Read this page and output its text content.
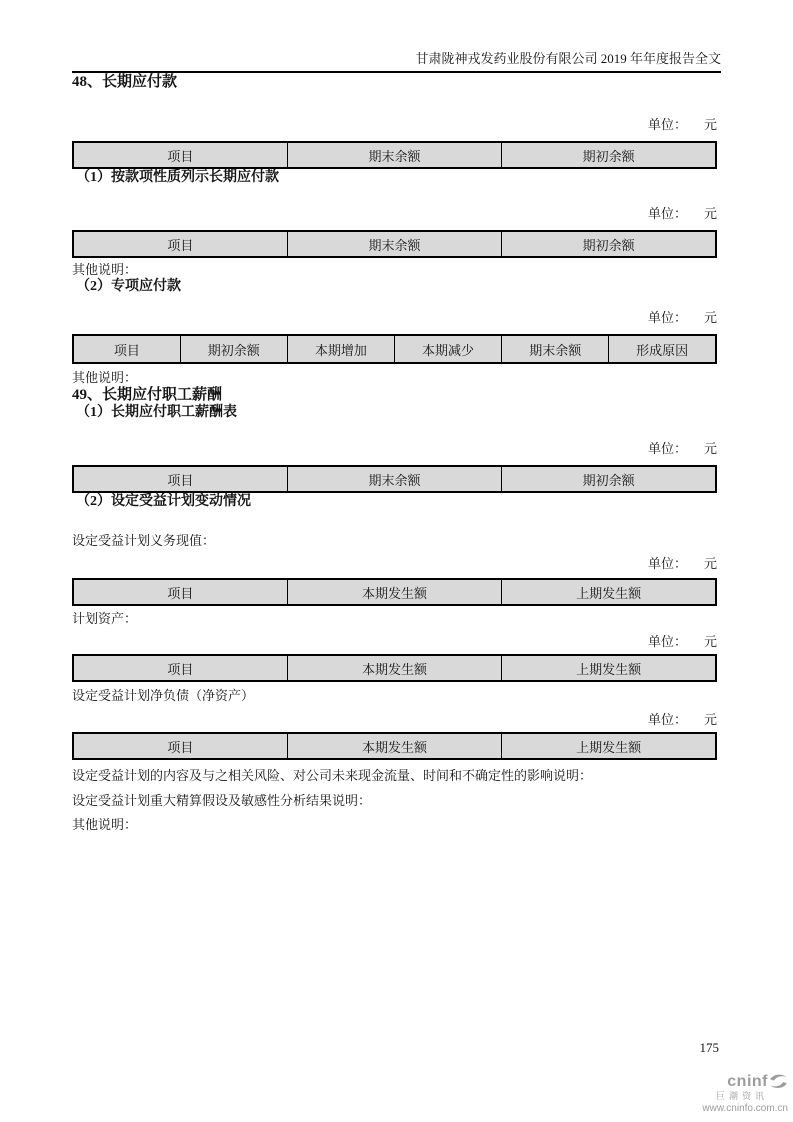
甘肃陇神戎发药业股份有限公司 2019 年年度报告全文
48、长期应付款
单位： 元
项目	期末余额	期初余额
（1）按款项性质列示长期应付款
单位： 元
项目	期末余额	期初余额
其他说明：
（2）专项应付款
单位： 元
项目	期初余额	本期增加	本期减少	期末余额	形成原因
其他说明：
49、长期应付职工薪酬
（1）长期应付职工薪酬表
单位： 元
项目	期末余额	期初余额
（2）设定受益计划变动情况
设定受益计划义务现值：
单位： 元
项目	本期发生额	上期发生额
计划资产：
单位： 元
项目	本期发生额	上期发生额
设定受益计划净负债（净资产）
单位： 元
项目	本期发生额	上期发生额
设定受益计划的内容及与之相关风险、对公司未来现金流量、时间和不确定性的影响说明：
设定受益计划重大精算假设及敏感性分析结果说明：
其他说明：
175
cninf
巨潮资讯
www.cninfo.com.cn
